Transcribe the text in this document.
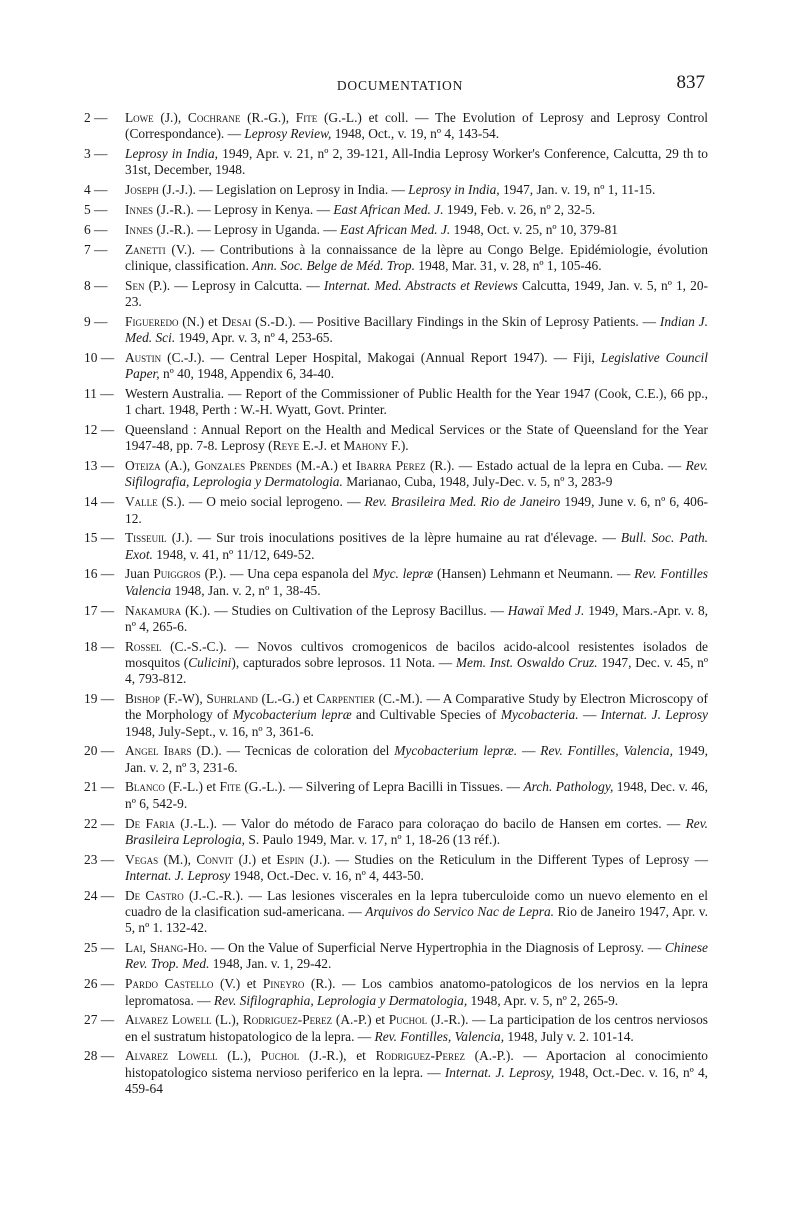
DOCUMENTATION	837
2 —	Lowe (J.), Cochrane (R.-G.), Fite (G.-L.) et coll. — The Evolution of Leprosy and Leprosy Control (Correspondance). — Leprosy Review, 1948, Oct., v. 19, nº 4, 143-54.
3 —	Leprosy in India, 1949, Apr. v. 21, nº 2, 39-121, All-India Leprosy Worker's Conference, Calcutta, 29 th to 31st, December, 1948.
4 —	Joseph (J.-J.). — Legislation on Leprosy in India. — Leprosy in India, 1947, Jan. v. 19, nº 1, 11-15.
5 —	Innes (J.-R.). — Leprosy in Kenya. — East African Med. J. 1949, Feb. v. 26, nº 2, 32-5.
6 —	Innes (J.-R.). — Leprosy in Uganda. — East African Med. J. 1948, Oct. v. 25, nº 10, 379-81
7 —	Zanetti (V.). — Contributions à la connaissance de la lèpre au Congo Belge. Epidémiologie, évolution clinique, classification. Ann. Soc. Belge de Méd. Trop. 1948, Mar. 31, v. 28, nº 1, 105-46.
8 —	Sen (P.). — Leprosy in Calcutta. — Internat. Med. Abstracts et Reviews Calcutta, 1949, Jan. v. 5, nº 1, 20-23.
9 —	Figueredo (N.) et Desai (S.-D.). — Positive Bacillary Findings in the Skin of Leprosy Patients. — Indian J. Med. Sci. 1949, Apr. v. 3, nº 4, 253-65.
10 — Austin (C.-J.). — Central Leper Hospital, Makogai (Annual Report 1947). — Fiji, Legislative Council Paper, nº 40, 1948, Appendix 6, 34-40.
11 — Western Australia. — Report of the Commissioner of Public Health for the Year 1947 (Cook, C.E.), 66 pp., 1 chart. 1948, Perth : W.-H. Wyatt, Govt. Printer.
12 — Queensland : Annual Report on the Health and Medical Services or the State of Queensland for the Year 1947-48, pp. 7-8. Leprosy (Reye E.-J. et Mahony F.).
13 — Oteiza (A.), Gonzales Prendes (M.-A.) et Ibarra Perez (R.). — Estado actual de la lepra en Cuba. — Rev. Sifilografia, Leprologia y Dermatologia. Marianao, Cuba, 1948, July-Dec. v. 5, nº 3, 283-9
14 — Valle (S.). — O meio social leprogeno. — Rev. Brasileira Med. Rio de Janeiro 1949, June v. 6, nº 6, 406-12.
15 — Tisseuil (J.). — Sur trois inoculations positives de la lèpre humaine au rat d'élevage. — Bull. Soc. Path. Exot. 1948, v. 41, nº 11/12, 649-52.
16 — Juan Puiggros (P.). — Una cepa espanola del Myc. lepræ (Hansen) Lehmann et Neumann. — Rev. Fontilles Valencia 1948, Jan. v. 2, nº 1, 38-45.
17 — Nakamura (K.). — Studies on Cultivation of the Leprosy Bacillus. — Hawaï Med J. 1949, Mars.-Apr. v. 8, nº 4, 265-6.
18 — Rossel (C.-S.-C.). — Novos cultivos cromogenicos de bacilos acido-alcool resistentes isolados de mosquitos (Culicini), capturados sobre leprosos. 11 Nota. — Mem. Inst. Oswaldo Cruz. 1947, Dec. v. 45, nº 4, 793-812.
19 — Bishop (F.-W), Suhrland (L.-G.) et Carpentier (C.-M.). — A Comparative Study by Electron Microscopy of the Morphology of Mycobacterium lepræ and Cultivable Species of Mycobacteria. — Internat. J. Leprosy 1948, July-Sept., v. 16, nº 3, 361-6.
20 — Angel Ibars (D.). — Tecnicas de coloration del Mycobacterium lepræ. — Rev. Fontilles, Valencia, 1949, Jan. v. 2, nº 3, 231-6.
21 — Blanco (F.-L.) et Fite (G.-L.). — Silvering of Lepra Bacilli in Tissues. — Arch. Pathology, 1948, Dec. v. 46, nº 6, 542-9.
22 — De Faria (J.-L.). — Valor do método de Faraco para coloraçao do bacilo de Hansen em cortes. — Rev. Brasileira Leprologia, S. Paulo 1949, Mar. v. 17, nº 1, 18-26 (13 réf.).
23 — Vegas (M.), Convit (J.) et Espin (J.). — Studies on the Reticulum in the Different Types of Leprosy — Internat. J. Leprosy 1948, Oct.-Dec. v. 16, nº 4, 443-50.
24 — De Castro (J.-C.-R.). — Las lesiones viscerales en la lepra tuberculoide como un nuevo elemento en el cuadro de la clasification sud-americana. — Arquivos do Servico Nac de Lepra. Rio de Janeiro 1947, Apr. v. 5, nº 1. 132-42.
25 — Lai, Shang-Ho. — On the Value of Superficial Nerve Hypertrophia in the Diagnosis of Leprosy. — Chinese Rev. Trop. Med. 1948, Jan. v. 1, 29-42.
26 — Pardo Castello (V.) et Pineyro (R.). — Los cambios anatomo-patologicos de los nervios en la lepra lepromatosa. — Rev. Sifilographia, Leprologia y Dermatologia, 1948, Apr. v. 5, nº 2, 265-9.
27 — Alvarez Lowell (L.), Rodriguez-Perez (A.-P.) et Puchol (J.-R.). — La participation de los centros nerviosos en el sustratum histopatologico de la lepra. — Rev. Fontilles, Valencia, 1948, July v. 2. 101-14.
28 — Alvarez Lowell (L.), Puchol (J.-R.), et Rodriguez-Perez (A.-P.). — Aportacion al conocimiento histopatologico sistema nervioso periferico en la lepra. — Internat. J. Leprosy, 1948, Oct.-Dec. v. 16, nº 4, 459-64
